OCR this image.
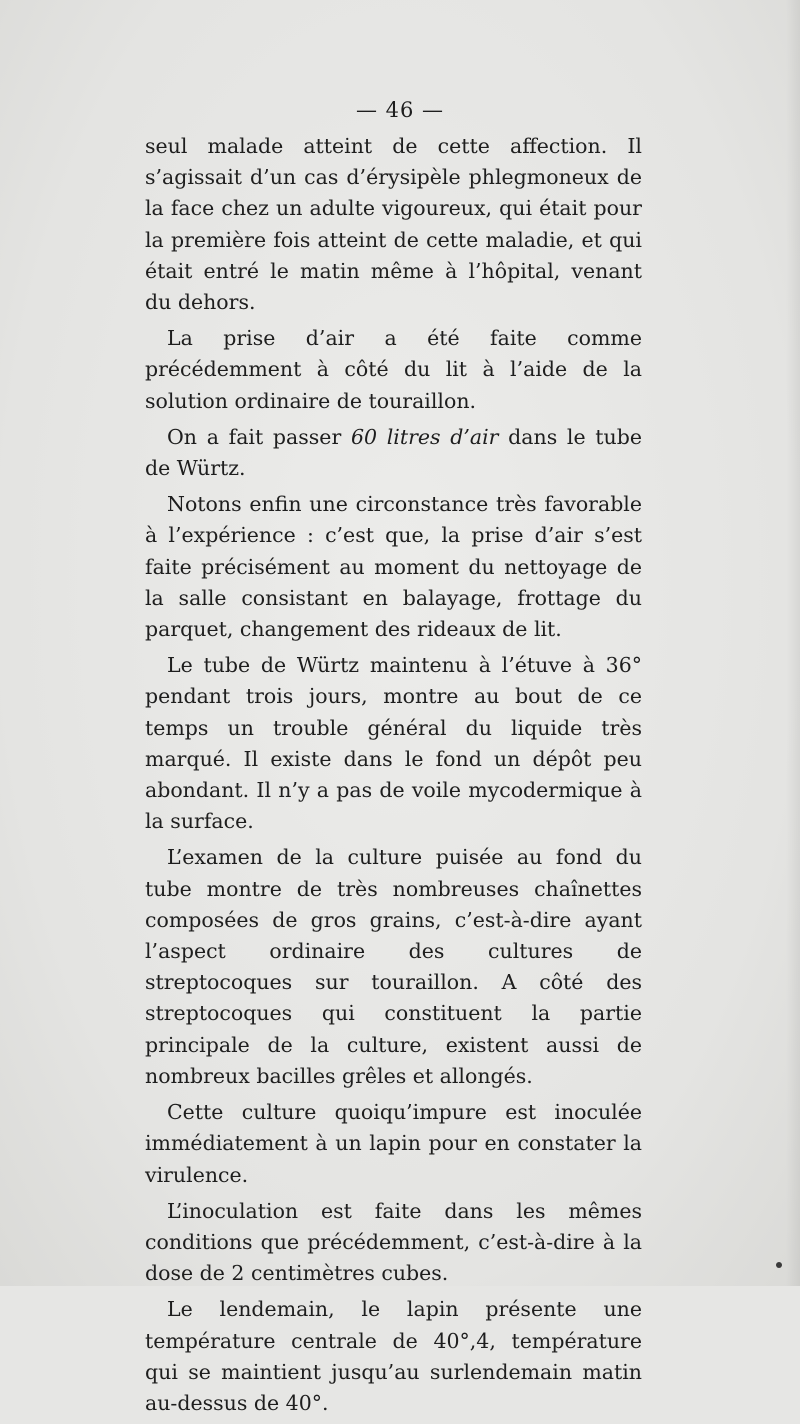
— 46 —

seul malade atteint de cette affection. Il s’agissait d’un cas d’érysipèle phlegmoneux de la face chez un adulte vigoureux, qui était pour la première fois atteint de cette maladie, et qui était entré le matin même à l’hôpital, venant du dehors.

La prise d’air a été faite comme précédemment à côté du lit à l’aide de la solution ordinaire de touraillon.

On a fait passer 60 litres d’air dans le tube de Würtz.

Notons enfin une circonstance très favorable à l’expérience : c’est que, la prise d’air s’est faite précisément au moment du nettoyage de la salle consistant en balayage, frottage du parquet, changement des rideaux de lit.

Le tube de Würtz maintenu à l’étuve à 36° pendant trois jours, montre au bout de ce temps un trouble général du liquide très marqué. Il existe dans le fond un dépôt peu abondant. Il n’y a pas de voile mycodermique à la surface.

L’examen de la culture puisée au fond du tube montre de très nombreuses chaînettes composées de gros grains, c’est-à-dire ayant l’aspect ordinaire des cultures de streptocoques sur touraillon. A côté des streptocoques qui constituent la partie principale de la culture, existent aussi de nombreux bacilles grêles et allongés.

Cette culture quoiqu’impure est inoculée immédiatement à un lapin pour en constater la virulence.

L’inoculation est faite dans les mêmes conditions que précédemment, c’est-à-dire à la dose de 2 centimètres cubes.

Le lendemain, le lapin présente une température centrale de 40°,4, température qui se maintient jusqu’au surlendemain matin au-dessus de 40°.
